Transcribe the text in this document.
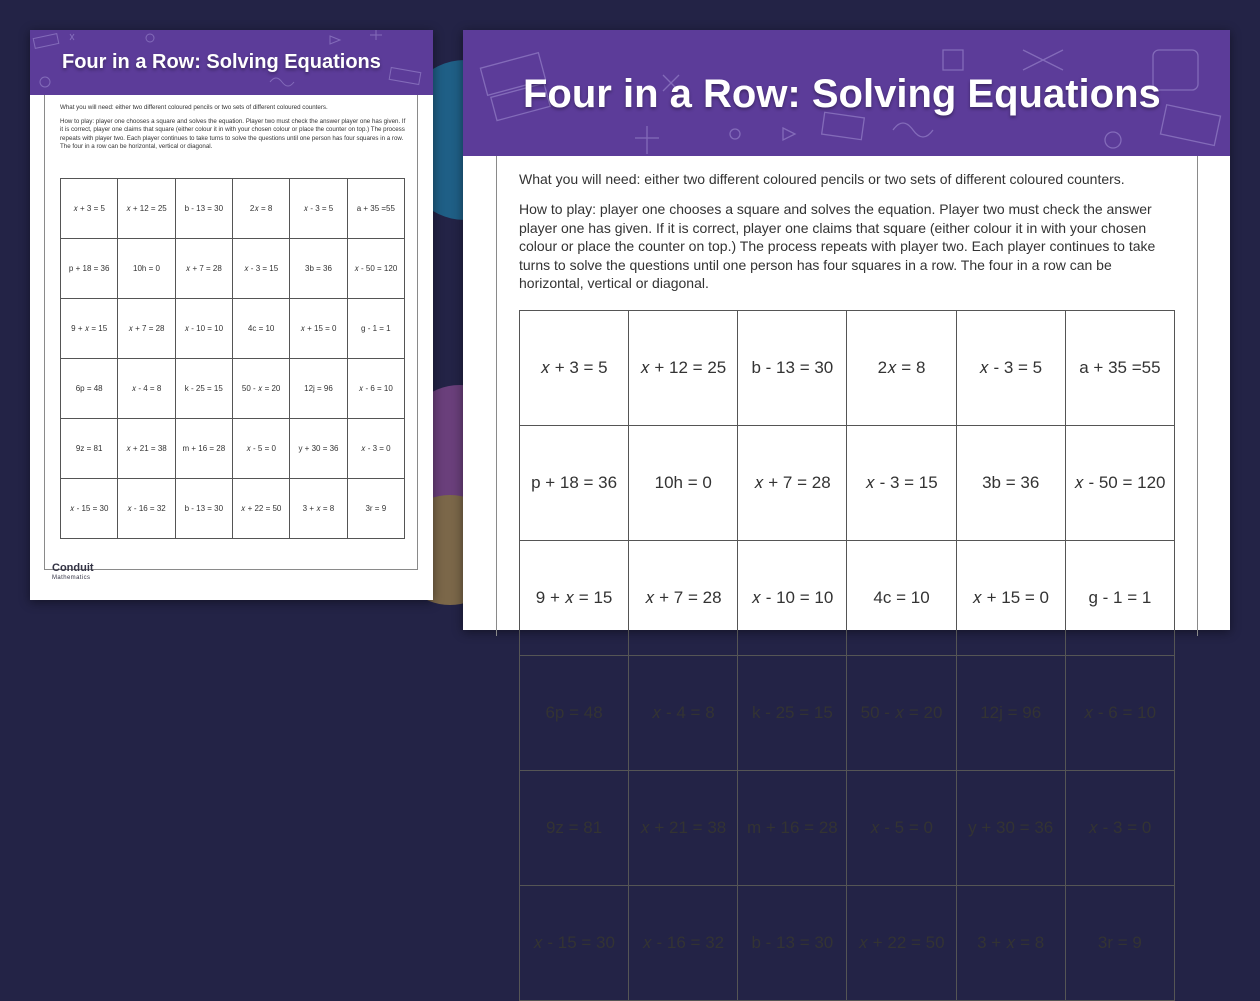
Four in a Row: Solving Equations
What you will need: either two different coloured pencils or two sets of different coloured counters.
How to play: player one chooses a square and solves the equation. Player two must check the answer player one has given. If it is correct, player one claims that square (either colour it in with your chosen colour or place the counter on top.) The process repeats with player two. Each player continues to take turns to solve the questions until one person has four squares in a row. The four in a row can be horizontal, vertical or diagonal.
𝑥 + 3 = 5	𝑥 + 12 = 25	b - 13 = 30	2𝑥 = 8	𝑥 - 3 = 5	a + 35 =55
p + 18 = 36	10h = 0	𝑥 + 7 = 28	𝑥 - 3 = 15	3b = 36	𝑥 - 50 = 120
9 + 𝑥 = 15	𝑥 + 7 = 28	𝑥 - 10 = 10	4c = 10	𝑥 + 15 = 0	g - 1 = 1
6p = 48	𝑥 - 4 = 8	k - 25 = 15	50 - 𝑥 = 20	12j = 96	𝑥 - 6 = 10
9z = 81	𝑥 + 21 = 38	m + 16 = 28	𝑥 - 5 = 0	y + 30 = 36	𝑥 - 3 = 0
𝑥 - 15 = 30	𝑥 - 16 = 32	b - 13 = 30	𝑥 + 22 = 50	3 + 𝑥 = 8	3r = 9
Conduit
Mathematics
Four in a Row: Solving Equations
What you will need: either two different coloured pencils or two sets of different coloured counters.
How to play: player one chooses a square and solves the equation. Player two must check the answer player one has given. If it is correct, player one claims that square (either colour it in with your chosen colour or place the counter on top.) The process repeats with player two. Each player continues to take turns to solve the questions until one person has four squares in a row. The four in a row can be horizontal, vertical or diagonal.
𝑥 + 3 = 5	𝑥 + 12 = 25	b - 13 = 30	2𝑥 = 8	𝑥 - 3 = 5	a + 35 =55
p + 18 = 36	10h = 0	𝑥 + 7 = 28	𝑥 - 3 = 15	3b = 36	𝑥 - 50 = 120
9 + 𝑥 = 15	𝑥 + 7 = 28	𝑥 - 10 = 10	4c = 10	𝑥 + 15 = 0	g - 1 = 1
6p = 48	𝑥 - 4 = 8	k - 25 = 15	50 - 𝑥 = 20	12j = 96	𝑥 - 6 = 10
9z = 81	𝑥 + 21 = 38	m + 16 = 28	𝑥 - 5 = 0	y + 30 = 36	𝑥 - 3 = 0
𝑥 - 15 = 30	𝑥 - 16 = 32	b - 13 = 30	𝑥 + 22 = 50	3 + 𝑥 = 8	3r = 9
